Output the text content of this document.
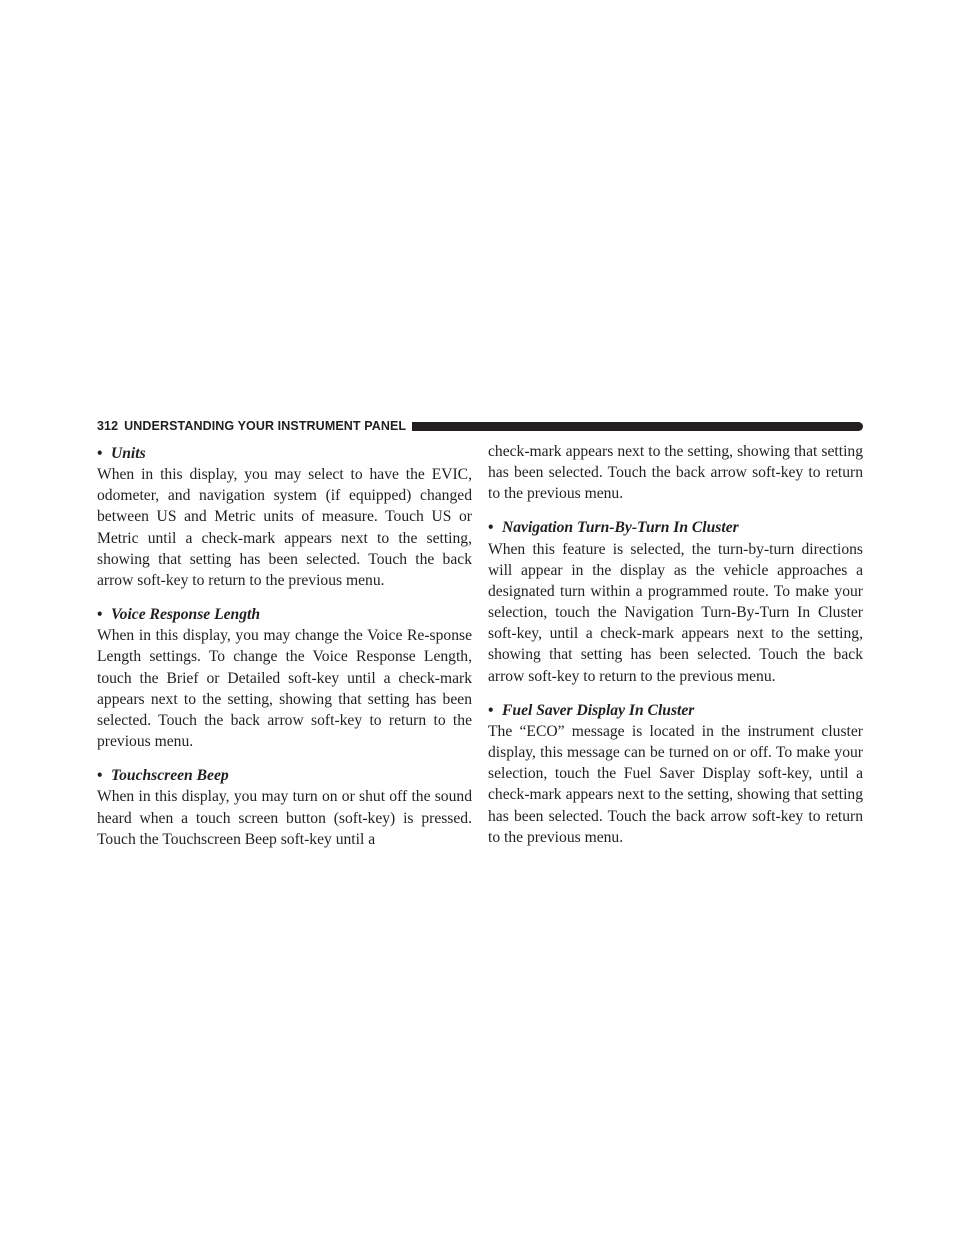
312 UNDERSTANDING YOUR INSTRUMENT PANEL

• Units

When in this display, you may select to have the EVIC, odometer, and navigation system (if equipped) changed between US and Metric units of measure. Touch US or Metric until a check-mark appears next to the setting, showing that setting has been selected. Touch the back arrow soft-key to return to the previous menu.

• Voice Response Length

When in this display, you may change the Voice Re-sponse Length settings. To change the Voice Response Length, touch the Brief or Detailed soft-key until a check-mark appears next to the setting, showing that setting has been selected. Touch the back arrow soft-key to return to the previous menu.

• Touchscreen Beep

When in this display, you may turn on or shut off the sound heard when a touch screen button (soft-key) is pressed. Touch the Touchscreen Beep soft-key until a

check-mark appears next to the setting, showing that setting has been selected. Touch the back arrow soft-key to return to the previous menu.

• Navigation Turn-By-Turn In Cluster

When this feature is selected, the turn-by-turn directions will appear in the display as the vehicle approaches a designated turn within a programmed route. To make your selection, touch the Navigation Turn-By-Turn In Cluster soft-key, until a check-mark appears next to the setting, showing that setting has been selected. Touch the back arrow soft-key to return to the previous menu.

• Fuel Saver Display In Cluster

The “ECO” message is located in the instrument cluster display, this message can be turned on or off. To make your selection, touch the Fuel Saver Display soft-key, until a check-mark appears next to the setting, showing that setting has been selected. Touch the back arrow soft-key to return to the previous menu.
